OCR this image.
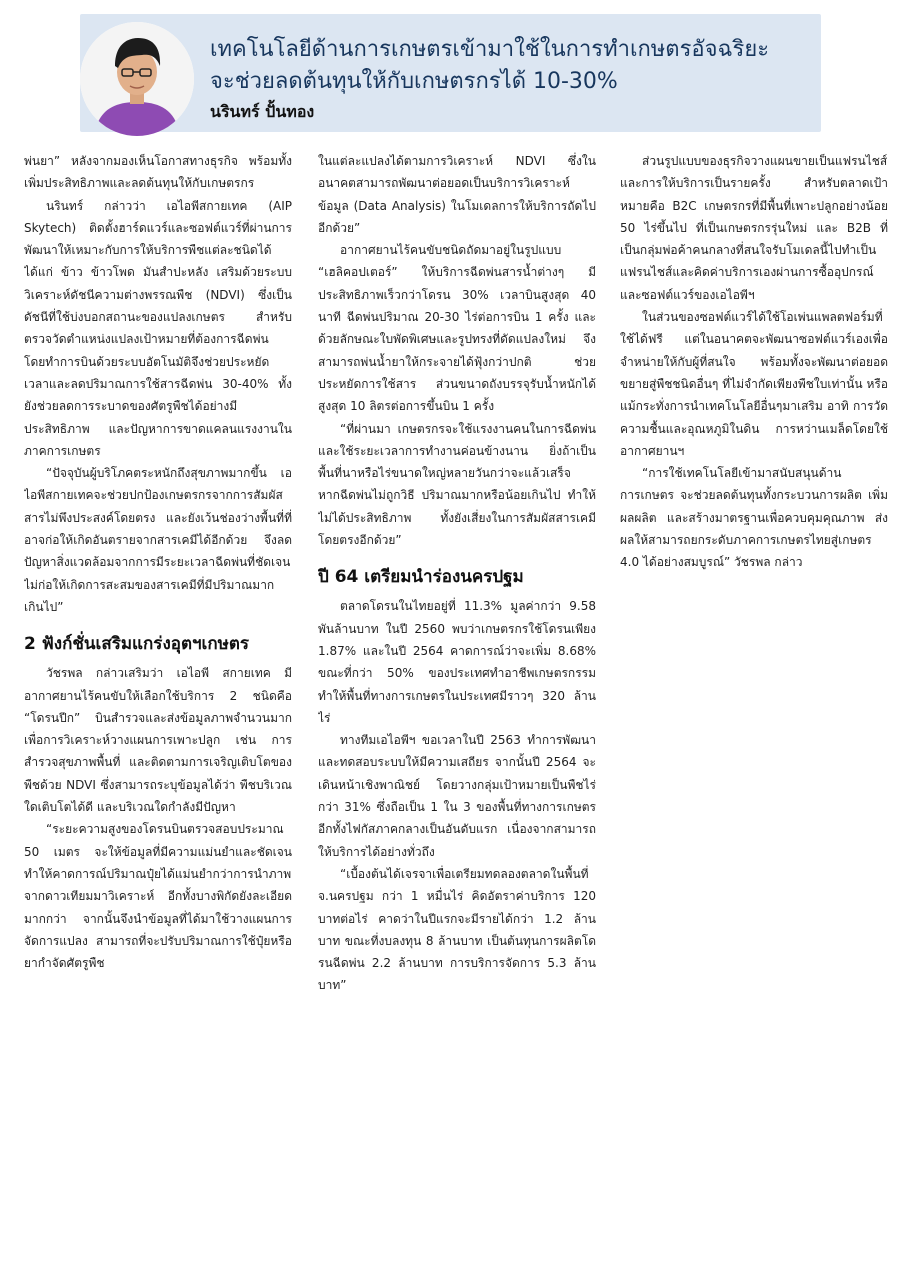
เทคโนโลยีด้านการเกษตรเข้ามาใช้ในการทำเกษตรอัจฉริยะ
จะช่วยลดต้นทุนให้กับเกษตรกรได้ 10-30%
นรินทร์ ปั้นทอง

พ่นยา” หลังจากมองเห็นโอกาสทางธุรกิจ พร้อมทั้งเพิ่มประสิทธิภาพและลดต้นทุนให้กับเกษตรกร

นรินทร์ กล่าวว่า เอไอพีสกายเทค (AIP Skytech) ติดตั้งฮาร์ดแวร์และซอฟต์แวร์ที่ผ่านการพัฒนาให้เหมาะกับการให้บริการพืชแต่ละชนิดได้ ได้แก่ ข้าว ข้าวโพด มันสำปะหลัง เสริมด้วยระบบวิเคราะห์ดัชนีความต่างพรรณพืช (NDVI) ซึ่งเป็นดัชนีที่ใช้บ่งบอกสถานะของแปลงเกษตร สำหรับตรวจวัดตำแหน่งแปลงเป้าหมายที่ต้องการฉีดพ่น โดยทำการบินด้วยระบบอัตโนมัติจึงช่วยประหยัดเวลาและลดปริมาณการใช้สารฉีดพ่น 30-40% ทั้งยังช่วยลดการระบาดของศัตรูพืชได้อย่างมีประสิทธิภาพ และปัญหาการขาดแคลนแรงงานในภาคการเกษตร

“ปัจจุบันผู้บริโภคตระหนักถึงสุขภาพมากขึ้น เอไอพีสกายเทคจะช่วยปกป้องเกษตรกรจากการสัมผัสสารไม่พึงประสงค์โดยตรง และยังเว้นช่องว่างพื้นที่ที่อาจก่อให้เกิดอันตรายจากสารเคมีได้อีกด้วย จึงลดปัญหาสิ่งแวดล้อมจากการมีระยะเวลาฉีดพ่นที่ชัดเจน ไม่ก่อให้เกิดการสะสมของสารเคมีที่มีปริมาณมากเกินไป”

2 ฟังก์ชั่นเสริมแกร่งอุตฯเกษตร

วัชรพล กล่าวเสริมว่า เอไอพี สกายเทค มีอากาศยานไร้คนขับให้เลือกใช้บริการ 2 ชนิดคือ “โดรนปีก” บินสำรวจและส่งข้อมูลภาพจำนวนมากเพื่อการวิเคราะห์วางแผนการเพาะปลูก เช่น การสำรวจสุขภาพพื้นที่ และติดตามการเจริญเติบโตของพืชด้วย NDVI ซึ่งสามารถระบุข้อมูลได้ว่า พืชบริเวณใดเติบโตได้ดี และบริเวณใดกำลังมีปัญหา

“ระยะความสูงของโดรนบินตรวจสอบประมาณ 50 เมตร จะให้ข้อมูลที่มีความแม่นยำและชัดเจน ทำให้คาดการณ์ปริมาณปุ๋ยได้แม่นยำกว่าการนำภาพจากดาวเทียมมาวิเคราะห์ อีกทั้งบางพิกัดยังละเอียดมากกว่า จากนั้นจึงนำข้อมูลที่ได้มาใช้วางแผนการจัดการแปลง สามารถที่จะปรับปริมาณการใช้ปุ๋ยหรือยากำจัดศัตรูพืช

ในแต่ละแปลงได้ตามการวิเคราะห์ NDVI ซึ่งในอนาคตสามารถพัฒนาต่อยอดเป็นบริการวิเคราะห์ข้อมูล (Data Analysis) ในโมเดลการให้บริการถัดไปอีกด้วย”

อากาศยานไร้คนขับชนิดถัดมาอยู่ในรูปแบบ “เฮลิคอปเตอร์” ให้บริการฉีดพ่นสารน้ำต่างๆ มีประสิทธิภาพเร็วกว่าโดรน 30% เวลาบินสูงสุด 40 นาที ฉีดพ่นปริมาณ 20-30 ไร่ต่อการบิน 1 ครั้ง และด้วยลักษณะใบพัดพิเศษและรูปทรงที่ดัดแปลงใหม่ จึงสามารถพ่นน้ำยาให้กระจายได้ฟุ้งกว่าปกติ ช่วยประหยัดการใช้สาร ส่วนขนาดถังบรรจุรับน้ำหนักได้สูงสุด 10 ลิตรต่อการขึ้นบิน 1 ครั้ง

“ที่ผ่านมา เกษตรกรจะใช้แรงงานคนในการฉีดพ่นและใช้ระยะเวลาการทำงานค่อนข้างนาน ยิ่งถ้าเป็นพื้นที่นาหรือไร่ขนาดใหญ่หลายวันกว่าจะแล้วเสร็จ หากฉีดพ่นไม่ถูกวิธี ปริมาณมากหรือน้อยเกินไป ทำให้ไม่ได้ประสิทธิภาพ ทั้งยังเสี่ยงในการสัมผัสสารเคมีโดยตรงอีกด้วย”

ปี 64 เตรียมนำร่องนครปฐม

ตลาดโดรนในไทยอยู่ที่ 11.3% มูลค่ากว่า 9.58 พันล้านบาท ในปี 2560 พบว่าเกษตรกรใช้โดรนเพียง 1.87% และในปี 2564 คาดการณ์ว่าจะเพิ่ม 8.68% ขณะที่กว่า 50% ของประเทศทำอาชีพเกษตรกรรม ทำให้พื้นที่ทางการเกษตรในประเทศมีราวๆ 320 ล้านไร่

ทางทีมเอไอพีฯ ขอเวลาในปี 2563 ทำการพัฒนาและทดสอบระบบให้มีความเสถียร จากนั้นปี 2564 จะเดินหน้าเชิงพาณิชย์ โดยวางกลุ่มเป้าหมายเป็นพืชไร่กว่า 31% ซึ่งถือเป็น 1 ใน 3 ของพื้นที่ทางการเกษตร อีกทั้งไฟกัสภาคกลางเป็นอันดับแรก เนื่องจากสามารถให้บริการได้อย่างทั่วถึง

“เบื้องต้นได้เจรจาเพื่อเตรียมทดลองตลาดในพื้นที่ จ.นครปฐม กว่า 1 หมื่นไร่ คิดอัตราค่าบริการ 120 บาทต่อไร่ คาดว่าในปีแรกจะมีรายได้กว่า 1.2 ล้านบาท ขณะที่งบลงทุน 8 ล้านบาท เป็นต้นทุนการผลิตโดรนฉีดพ่น 2.2 ล้านบาท การบริการจัดการ 5.3 ล้านบาท”

ส่วนรูปแบบของธุรกิจวางแผนขายเป็นแฟรนไชส์ และการให้บริการเป็นรายครั้ง สำหรับตลาดเป้าหมายคือ B2C เกษตรกรที่มีพื้นที่เพาะปลูกอย่างน้อย 50 ไร่ขึ้นไป ที่เป็นเกษตรกรรุ่นใหม่ และ B2B ที่เป็นกลุ่มพ่อค้าคนกลางที่สนใจรับโมเดลนี้ไปทำเป็นแฟรนไชส์และคิดค่าบริการเองผ่านการซื้ออุปกรณ์และซอฟต์แวร์ของเอไอพีฯ

ในส่วนของซอฟต์แวร์ได้ใช้โอเพ่นแพลตฟอร์มที่ใช้ได้ฟรี แต่ในอนาคตจะพัฒนาซอฟต์แวร์เองเพื่อจำหน่ายให้กับผู้ที่สนใจ พร้อมทั้งจะพัฒนาต่อยอดขยายสู่พืชชนิดอื่นๆ ที่ไม่จำกัดเพียงพืชใบเท่านั้น หรือแม้กระทั่งการนำเทคโนโลยีอื่นๆมาเสริม อาทิ การวัดความชื้นและอุณหภูมิในดิน การหว่านเมล็ดโดยใช้อากาศยานฯ

“การใช้เทคโนโลยีเข้ามาสนับสนุนด้านการเกษตร จะช่วยลดต้นทุนทั้งกระบวนการผลิต เพิ่มผลผลิต และสร้างมาตรฐานเพื่อควบคุมคุณภาพ ส่งผลให้สามารถยกระดับภาคการเกษตรไทยสู่เกษตร 4.0 ได้อย่างสมบูรณ์” วัชรพล กล่าว
